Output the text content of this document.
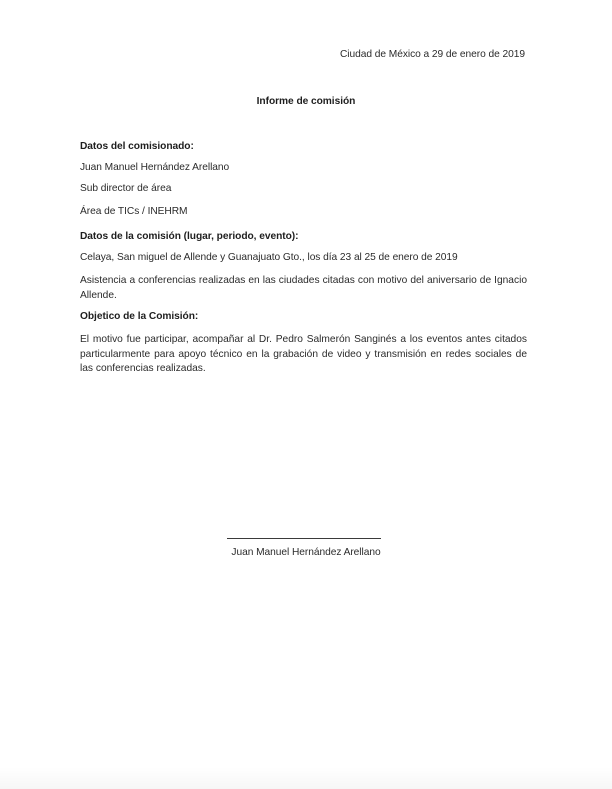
Ciudad de México a 29 de enero de 2019
Informe de comisión
Datos del comisionado:
Juan Manuel Hernández Arellano
Sub director de área
Área de TICs / INEHRM
Datos de la comisión (lugar, periodo, evento):
Celaya, San miguel de Allende y Guanajuato Gto., los día 23 al 25 de enero de 2019
Asistencia a conferencias realizadas en las ciudades citadas con motivo del aniversario de Ignacio Allende.
Objetico de la Comisión:
El motivo fue participar, acompañar al Dr. Pedro Salmerón Sanginés a los eventos antes citados particularmente para apoyo técnico en la grabación de video y transmisión en redes sociales de las conferencias realizadas.
Juan Manuel Hernández Arellano
